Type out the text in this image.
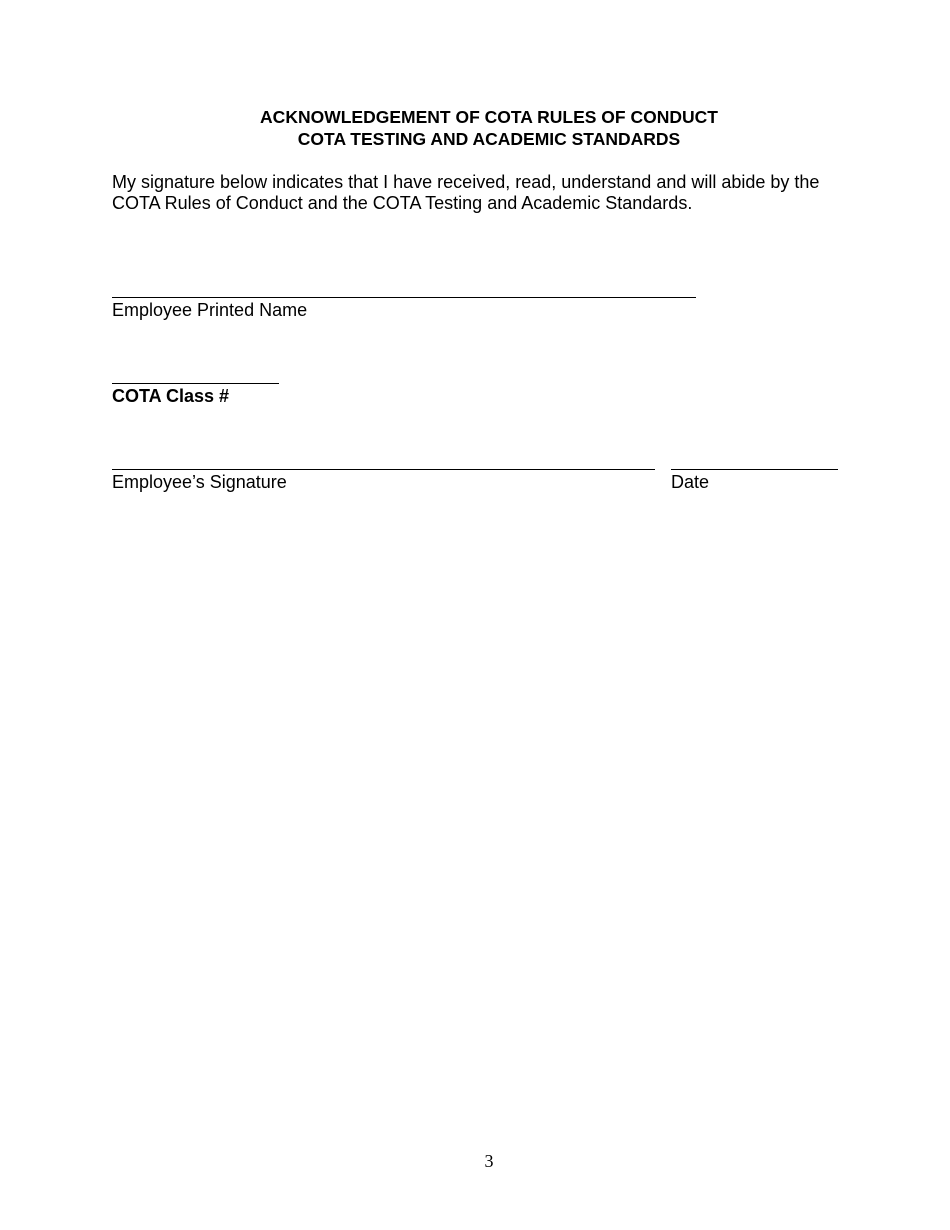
ACKNOWLEDGEMENT OF COTA RULES OF CONDUCT

COTA TESTING AND ACADEMIC STANDARDS

My signature below indicates that I have received, read, understand and will abide by the

COTA Rules of Conduct and the COTA Testing and Academic Standards.

Employee Printed Name

COTA Class #

Employee’s Signature	Date

3
